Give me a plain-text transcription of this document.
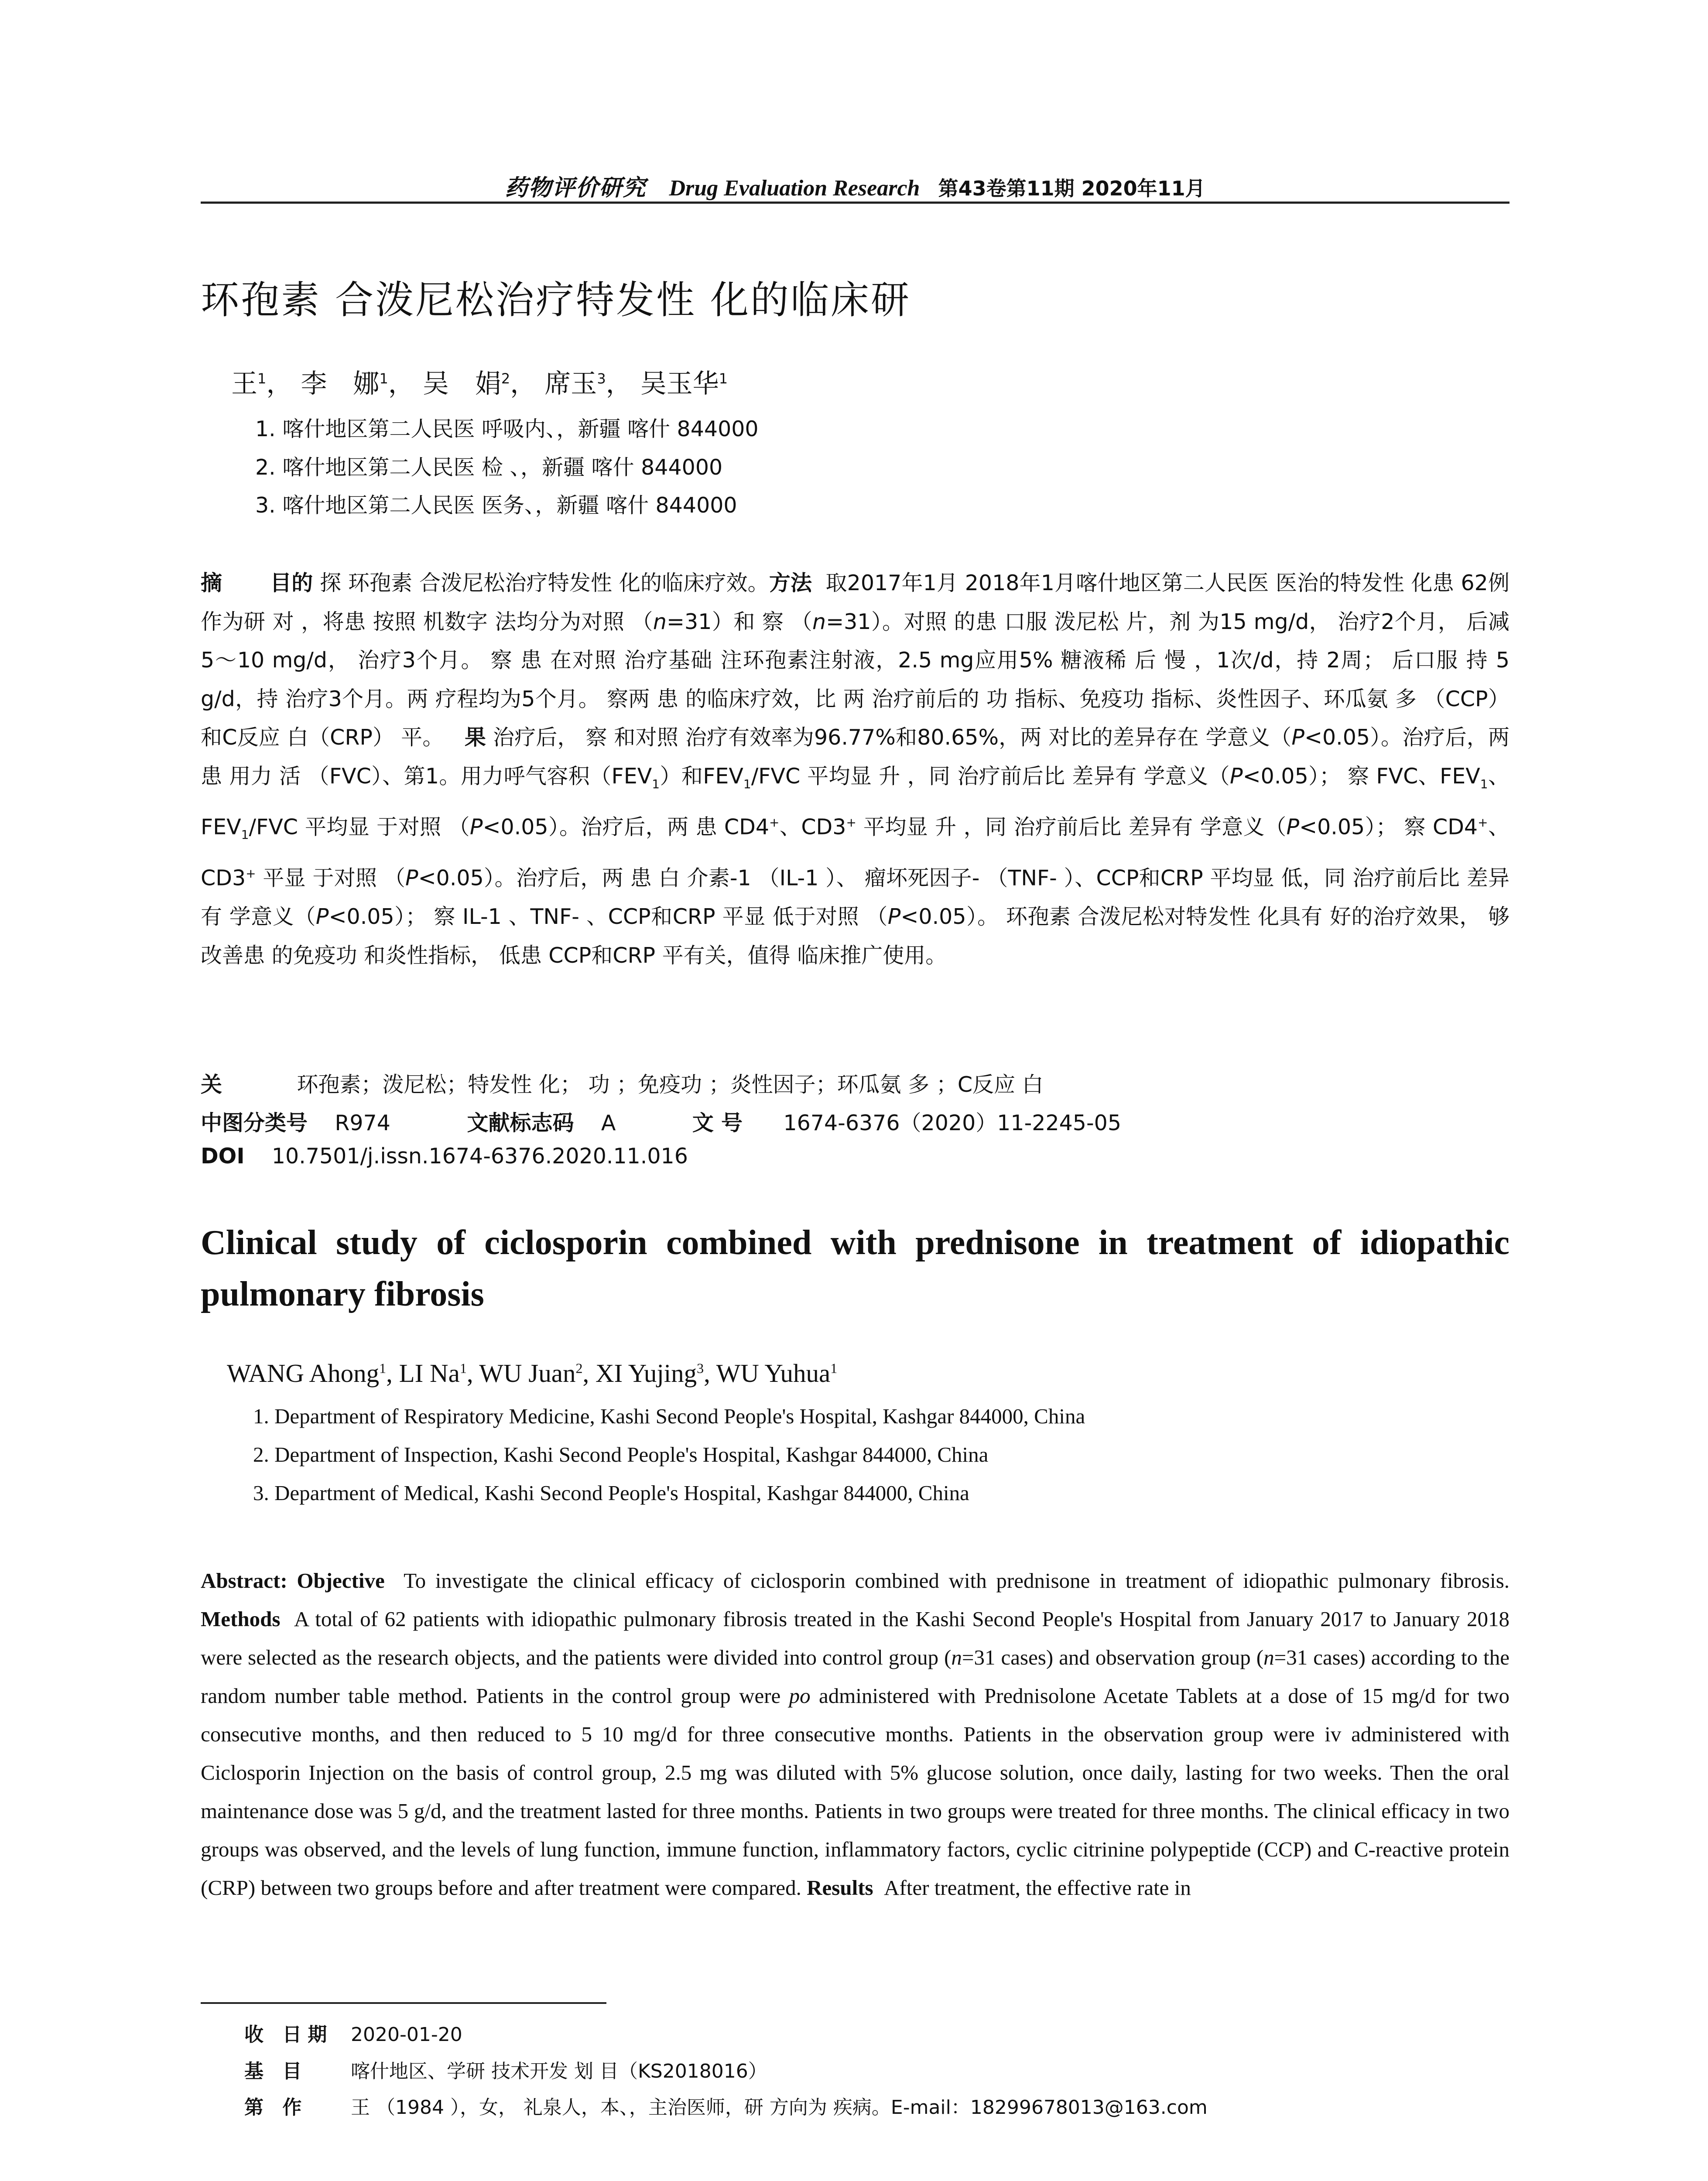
药物评价研究 Drug Evaluation Research 第43卷第11期 2020年11月
环孢素 合泼尼松治疗特发性 化的临床研
王$^1$， 李　娜$^1$， 吴　娟$^2$， 席玉$^3$， 吴玉华$^1$
1. 喀什地区第二人民医 呼吸内、，新疆 喀什 844000
2. 喀什地区第二人民医 检 、，新疆 喀什 844000
3. 喀什地区第二人民医 医务、，新疆 喀什 844000
摘 目的 探 环孢素 合泼尼松治疗特发性 化的临床疗效。方法 取2017年1月 2018年1月喀什地区第二人民医 医治的特发性 化患 62例作为研 对 ，将患 按照 机数字 法均分为对照 （n=31）和 察 （n=31）。对照 的患 口服 泼尼松 片，剂 为15 mg/d， 治疗2个月， 后减 5～10 mg/d， 治疗3个月。 察 患 在对照 治疗基础 注环孢素注射液，2.5 mg应用5% 糖液稀 后 慢 ，1次/d，持 2周； 后口服 持 5 g/d，持 治疗3个月。两 疗程均为5个月。 察两 患 的临床疗效，比 两 治疗前后的 功 指标、免疫功 指标、炎性因子、环瓜氨 多 （CCP）和C反应 白（CRP） 平。 果 治疗后， 察 和对照 治疗有效率为96.77%和80.65%，两 对比的差异存在 学意义（P<0.05）。治疗后，两 患 用力 活 （FVC）、第1。用力呼气容积$(FEV_1)$和$FEV_1$/FVC 平均显 升 ，同 治疗前后比 差异有 学意义（P<0.05）； 察 FVC、$FEV_1$、$FEV_1$/FVC 平均显 于对照 （P<0.05）。治疗后，两 患 CD4+、CD3+ 平均显 升 ，同 治疗前后比 差异有 学意义（P<0.05）； 察 CD4+、CD3+ 平显 于对照 （P<0.05）。治疗后，两 患 白 介素-1 （IL-1 ）、 瘤坏死因子- （TNF- ）、CCP和CRP 平均显 低，同 治疗前后比 差异有 学意义（P<0.05）； 察 IL-1 、TNF- 、CCP和CRP 平显 低于对照 （P<0.05）。 环孢素 合泼尼松对特发性 化具有 好的治疗效果， 够改善患 的免疫功 和炎性指标， 低患 CCP和CRP 平有关，值得 临床推广使用。
关	环孢素；泼尼松；特发性 化； 功 ；免疫功 ；炎性因子；环瓜氨 多 ；C反应 白
中图分类号 R974	文献标志码 A	文 号 1674-6376（2020）11-2245-05
DOI 10.7501/j.issn.1674-6376.2020.11.016
Clinical study of ciclosporin combined with prednisone in treatment of idiopathic pulmonary fibrosis
WANG Ahong$^1$, LI Na$^1$, WU Juan$^2$, XI Yujing$^3$, WU Yuhua$^1$
1. Department of Respiratory Medicine, Kashi Second People's Hospital, Kashgar 844000, China
2. Department of Inspection, Kashi Second People's Hospital, Kashgar 844000, China
3. Department of Medical, Kashi Second People's Hospital, Kashgar 844000, China
Abstract: Objective To investigate the clinical efficacy of ciclosporin combined with prednisone in treatment of idiopathic pulmonary fibrosis. Methods A total of 62 patients with idiopathic pulmonary fibrosis treated in the Kashi Second People's Hospital from January 2017 to January 2018 were selected as the research objects, and the patients were divided into control group (n=31 cases) and observation group (n=31 cases) according to the random number table method. Patients in the control group were po administered with Prednisolone Acetate Tablets at a dose of 15 mg/d for two consecutive months, and then reduced to 5 10 mg/d for three consecutive months. Patients in the observation group were iv administered with Ciclosporin Injection on the basis of control group, 2.5 mg was diluted with 5% glucose solution, once daily, lasting for two weeks. Then the oral maintenance dose was 5 g/d, and the treatment lasted for three months. Patients in two groups were treated for three months. The clinical efficacy in two groups was observed, and the levels of lung function, immune function, inflammatory factors, cyclic citrinine polypeptide (CCP) and C-reactive protein (CRP) between two groups before and after treatment were compared. Results After treatment, the effective rate in
收 日期 2020-01-20
基 目 喀什地区、学研 技术开发 划 目（KS2018016）
第 作 王 （1984 ），女， 礼泉人，本、，主治医师，研 方向为 疾病。E-mail：18299678013@163.com
